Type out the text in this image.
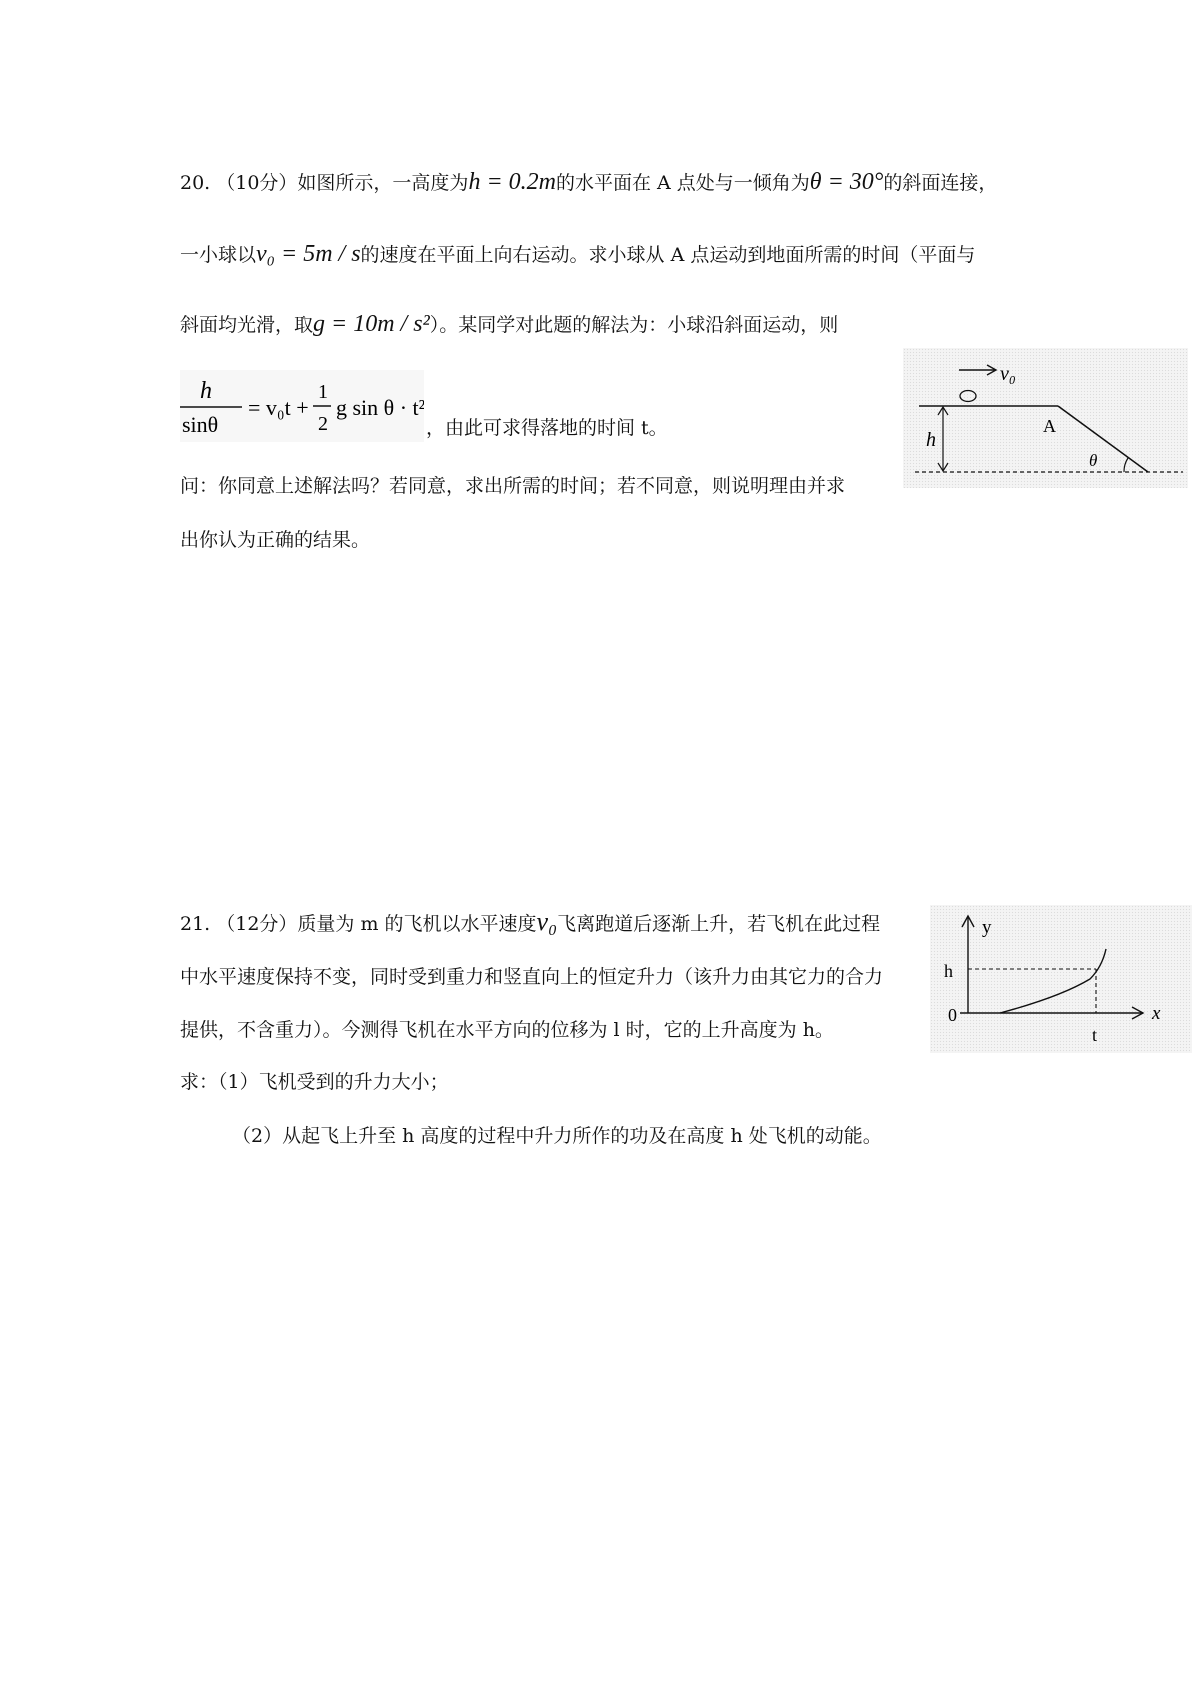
20. （10分）如图所示，一高度为h = 0.2m的水平面在 A 点处与一倾角为θ = 30°的斜面连接，
一小球以v₀ = 5m / s的速度在平面上向右运动。求小球从 A 点运动到地面所需的时间（平面与
斜面均光滑，取g = 10m / s²）。某同学对此题的解法为：小球沿斜面运动，则
h
sinθ
= v₀t +
1
2
g sin θ · t²
，由此可求得落地的时间 t。
问：你同意上述解法吗？若同意，求出所需的时间；若不同意，则说明理由并求
出你认为正确的结果。
v₀
h
A
θ
21. （12分）质量为 m 的飞机以水平速度v₀飞离跑道后逐渐上升，若飞机在此过程
中水平速度保持不变，同时受到重力和竖直向上的恒定升力（该升力由其它力的合力
提供，不含重力）。今测得飞机在水平方向的位移为 l 时，它的上升高度为 h。
求：（1）飞机受到的升力大小；
（2）从起飞上升至 h 高度的过程中升力所作的功及在高度 h 处飞机的动能。
y
x
h
0
t
